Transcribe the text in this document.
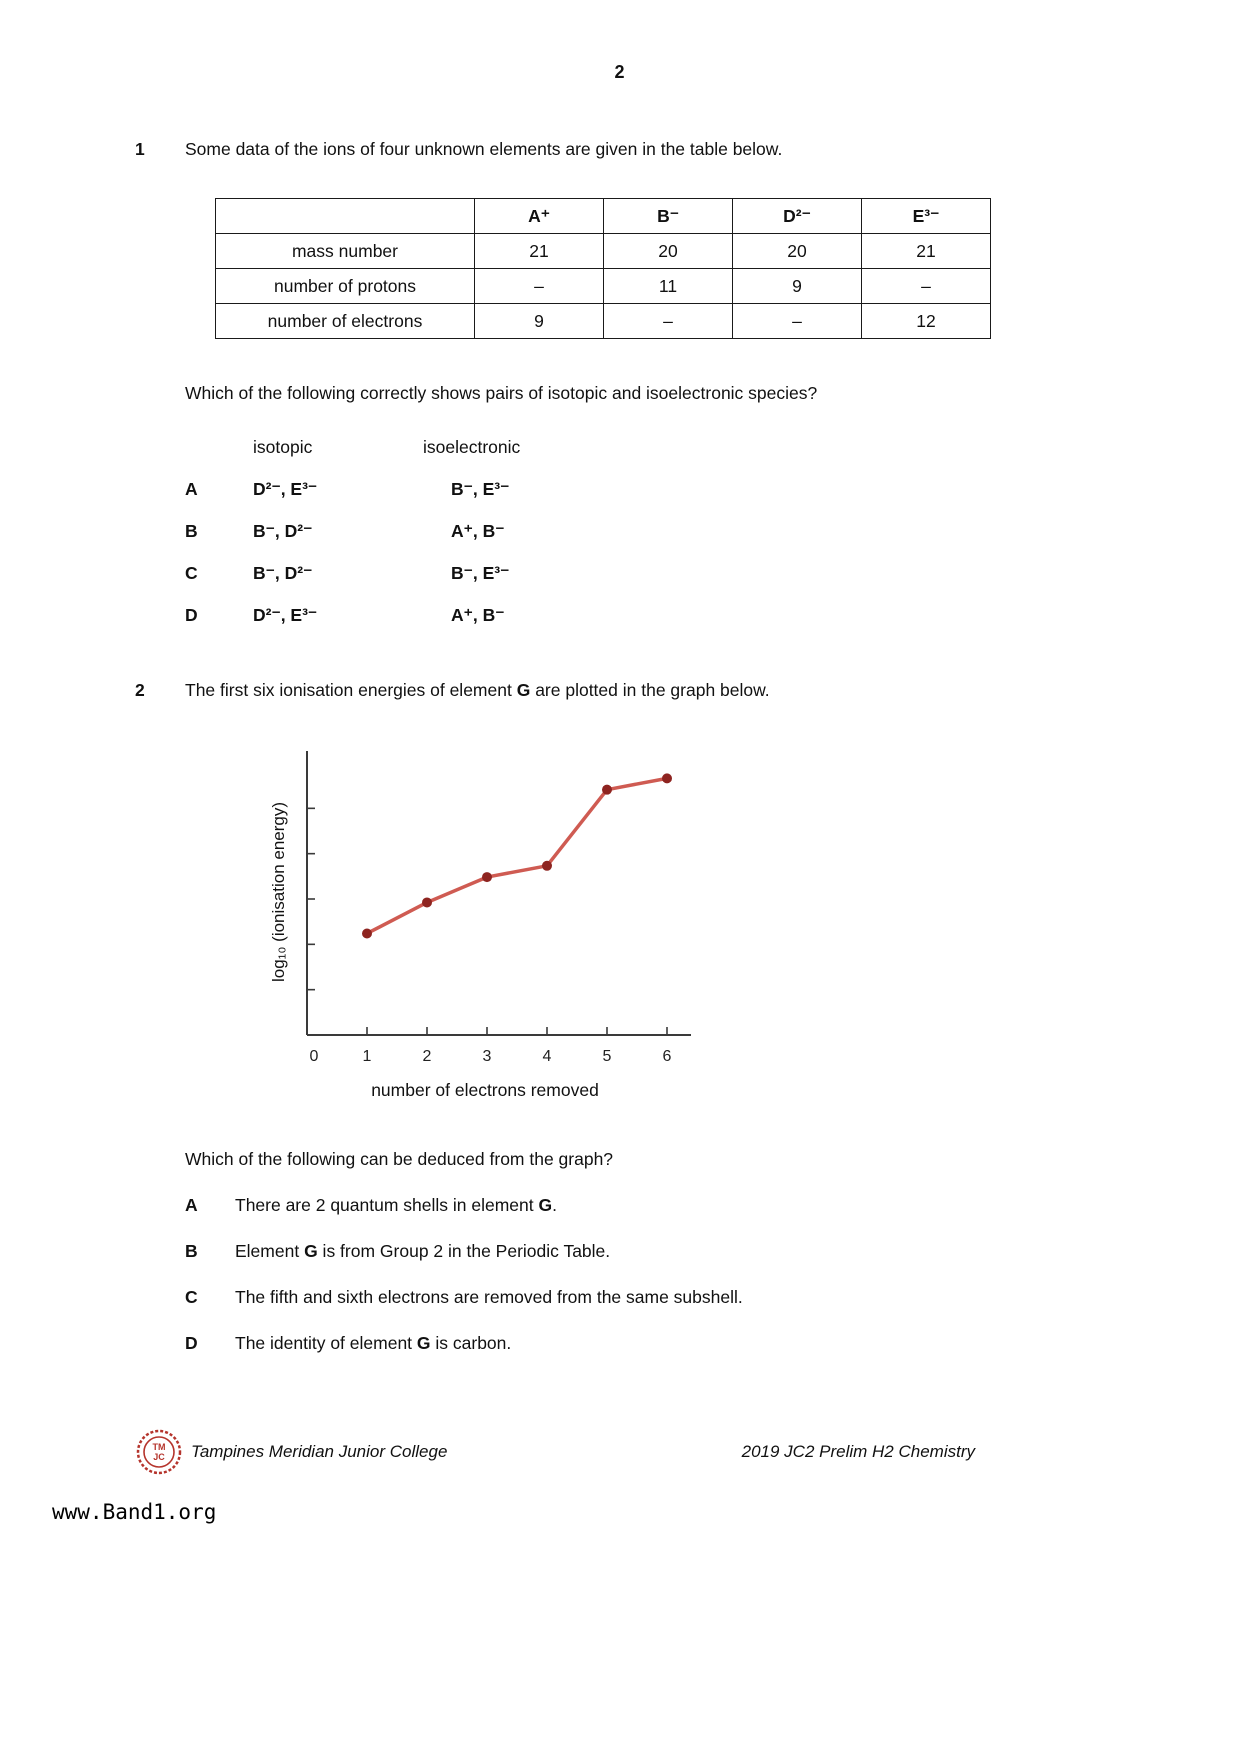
2
1	Some data of the ions of four unknown elements are given in the table below.
	A⁺	B⁻	D²⁻	E³⁻
mass number	21	20	20	21
number of protons	–	11	9	–
number of electrons	9	–	–	12
Which of the following correctly shows pairs of isotopic and isoelectronic species?
isotopic	isoelectronic
A	D²⁻, E³⁻	B⁻, E³⁻
B	B⁻, D²⁻	A⁺, B⁻
C	B⁻, D²⁻	B⁻, E³⁻
D	D²⁻, E³⁻	A⁺, B⁻
2	The first six ionisation energies of element G are plotted in the graph below.
log₁₀ (ionisation energy)
0	1	2	3	4	5	6
number of electrons removed
Which of the following can be deduced from the graph?
A	There are 2 quantum shells in element G.
B	Element G is from Group 2 in the Periodic Table.
C	The fifth and sixth electrons are removed from the same subshell.
D	The identity of element G is carbon.
TM
JC Tampines Meridian Junior College	2019 JC2 Prelim H2 Chemistry
www.Band1.org
